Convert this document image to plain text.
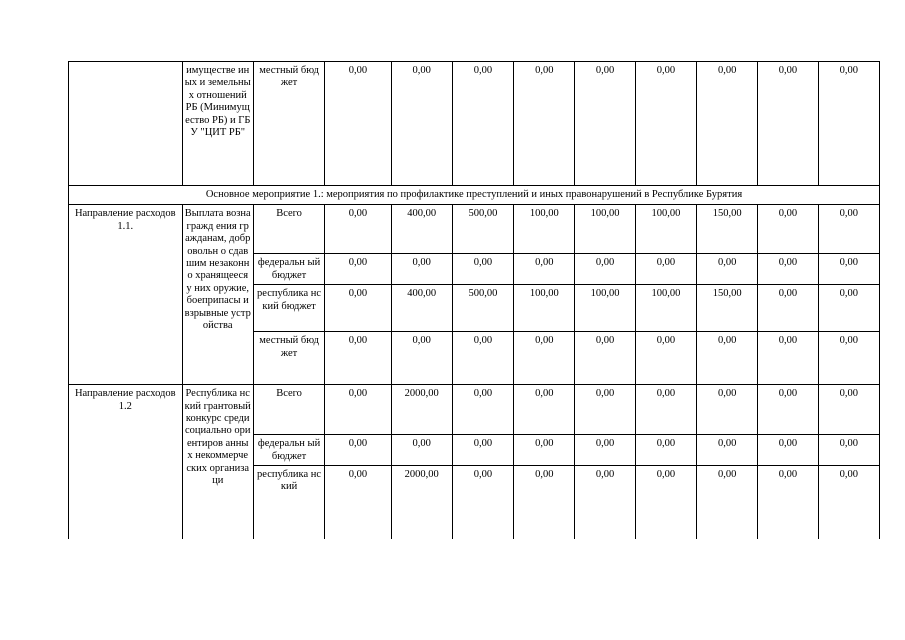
	имуществе иных и земельных отношений РБ (Минимущ ество РБ) и ГБУ "ЦИТ РБ"	местный бюджет	0,00	0,00	0,00	0,00	0,00	0,00	0,00	0,00	0,00
Основное мероприятие 1.: мероприятия по профилактике преступлений и иных правонарушений в Республике Бурятия											
Направление расходов 1.1.	Выплата вознагражд ения гражданам, добровольн о сдавшим незаконно хранящееся у них оружие, боеприпасы и взрывные устройства	Всего	0,00	400,00	500,00	100,00	100,00	100,00	150,00	0,00	0,00
		федеральн ый бюджет	0,00	0,00	0,00	0,00	0,00	0,00	0,00	0,00	0,00
		республика нский бюджет	0,00	400,00	500,00	100,00	100,00	100,00	150,00	0,00	0,00
		местный бюджет	0,00	0,00	0,00	0,00	0,00	0,00	0,00	0,00	0,00
Направление расходов 1.2	Республика нский грантовый конкурс среди социально ориентиров анных некоммерче ских организаци	Всего	0,00	2000,00	0,00	0,00	0,00	0,00	0,00	0,00	0,00
		федеральн ый бюджет	0,00	0,00	0,00	0,00	0,00	0,00	0,00	0,00	0,00
		республика нский	0,00	2000,00	0,00	0,00	0,00	0,00	0,00	0,00	0,00
